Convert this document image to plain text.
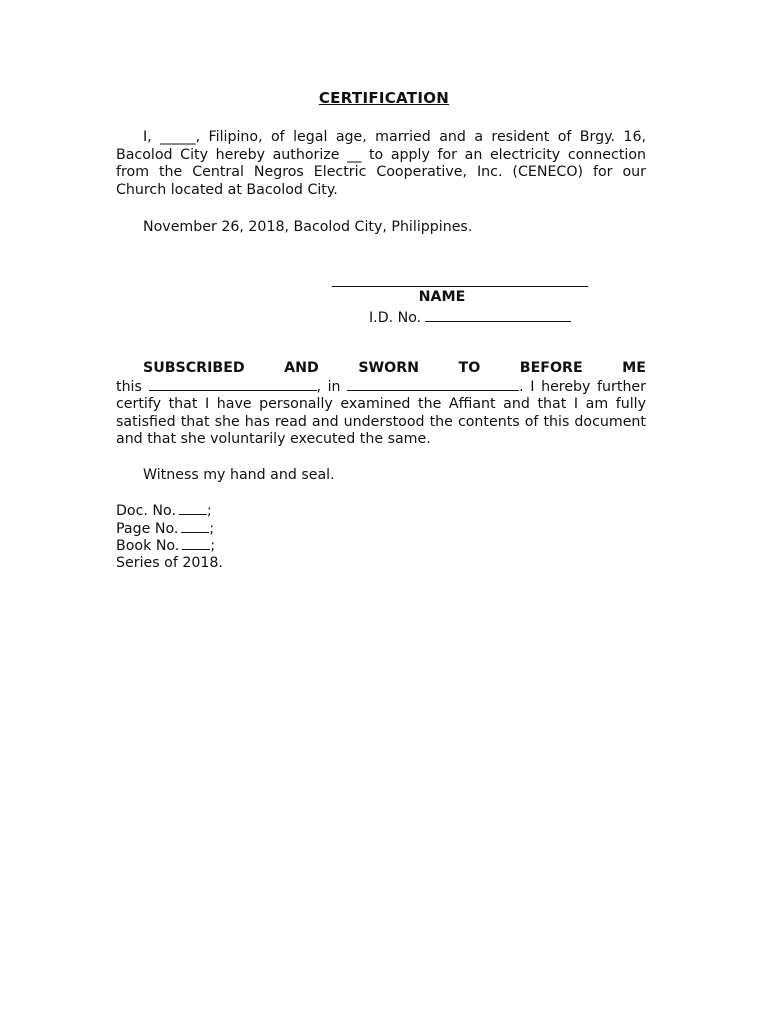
CERTIFICATION

I, _____, Filipino, of legal age, married and a resident of Brgy. 16, Bacolod City hereby authorize __ to apply for an electricity connection from the Central Negros Electric Cooperative, Inc. (CENECO) for our Church located at Bacolod City.

November 26, 2018, Bacolod City, Philippines.

NAME
I.D. No.

SUBSCRIBED AND SWORN TO BEFORE ME this	, in	. I hereby further certify that I have personally examined the Affiant and that I am fully satisfied that she has read and understood the contents of this document and that she voluntarily executed the same.

Witness my hand and seal.

Doc. No. ;
Page No. ;
Book No. ;
Series of 2018.
